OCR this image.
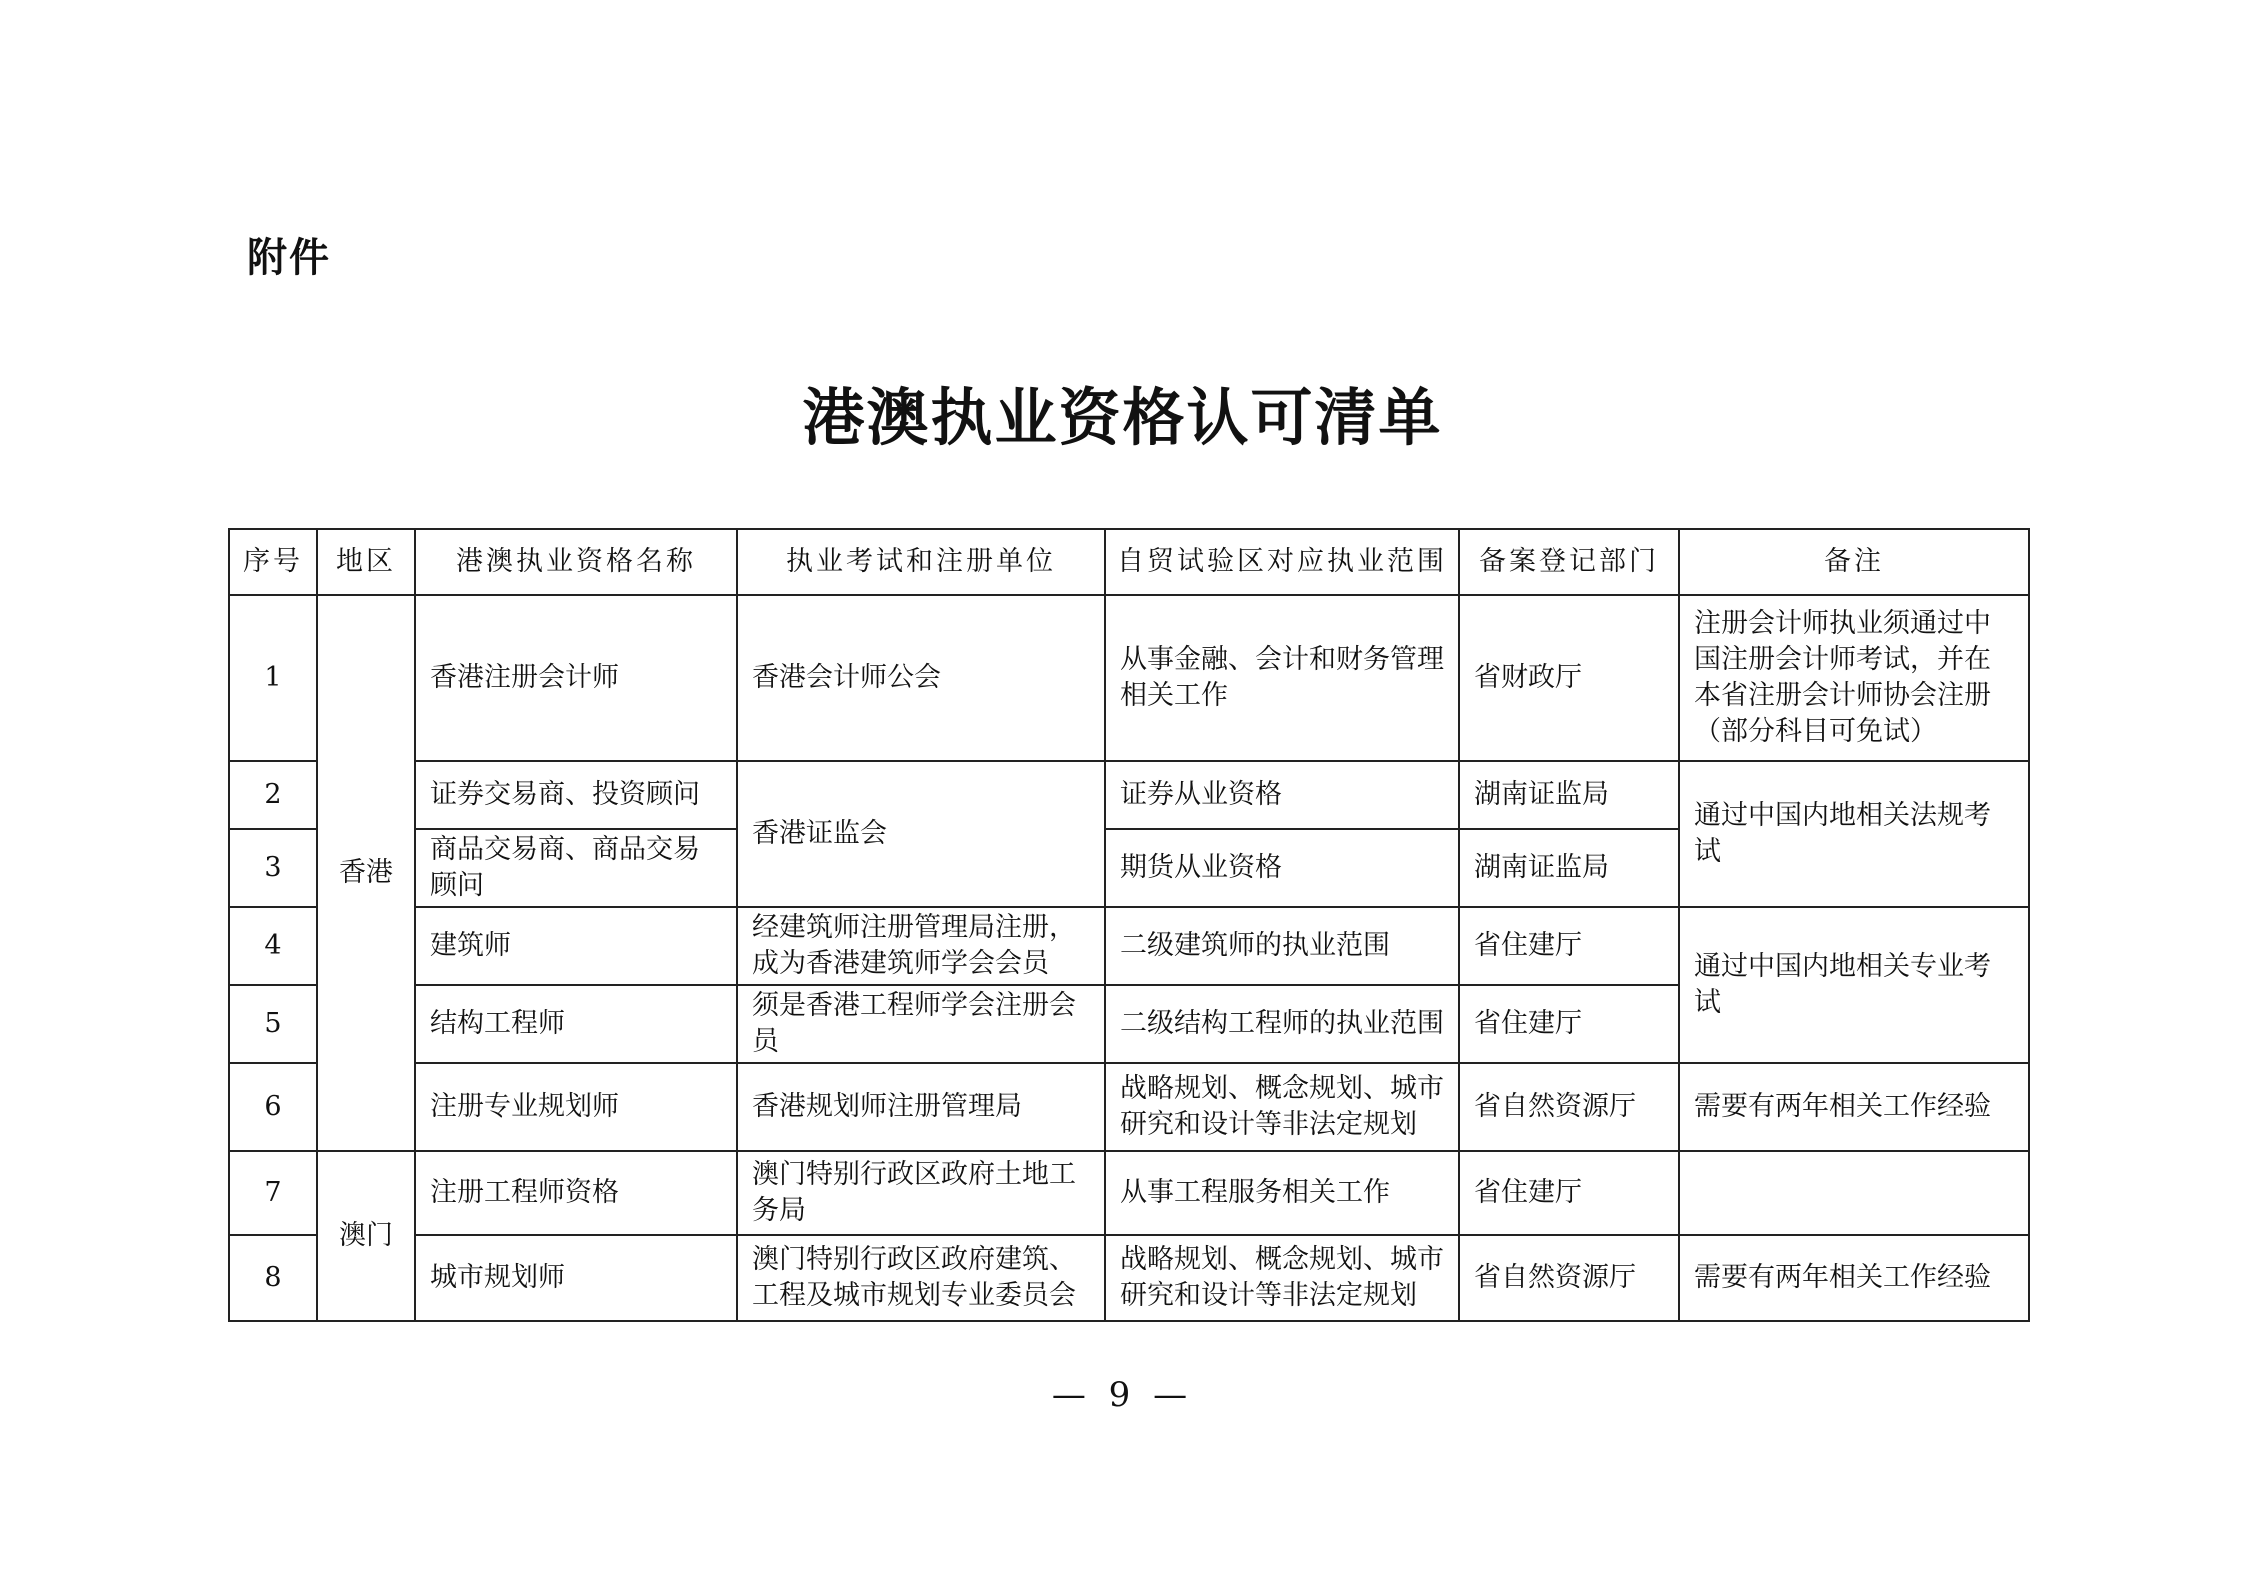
附件
港澳执业资格认可清单
序号	地区	港澳执业资格名称	执业考试和注册单位	自贸试验区对应执业范围	备案登记部门	备注
1	香港	香港注册会计师	香港会计师公会	从事金融、会计和财务管理相关工作	省财政厅	注册会计师执业须通过中国注册会计师考试，并在本省注册会计师协会注册（部分科目可免试）
2		证券交易商、投资顾问	香港证监会	证券从业资格	湖南证监局	通过中国内地相关法规考试
3		商品交易商、商品交易顾问		期货从业资格	湖南证监局	
4		建筑师	经建筑师注册管理局注册，成为香港建筑师学会会员	二级建筑师的执业范围	省住建厅	通过中国内地相关专业考试
5		结构工程师	须是香港工程师学会注册会员	二级结构工程师的执业范围	省住建厅	
6		注册专业规划师	香港规划师注册管理局	战略规划、概念规划、城市研究和设计等非法定规划	省自然资源厅	需要有两年相关工作经验
7	澳门	注册工程师资格	澳门特别行政区政府土地工务局	从事工程服务相关工作	省住建厅	
8		城市规划师	澳门特别行政区政府建筑、工程及城市规划专业委员会	战略规划、概念规划、城市研究和设计等非法定规划	省自然资源厅	需要有两年相关工作经验
— 9 —
